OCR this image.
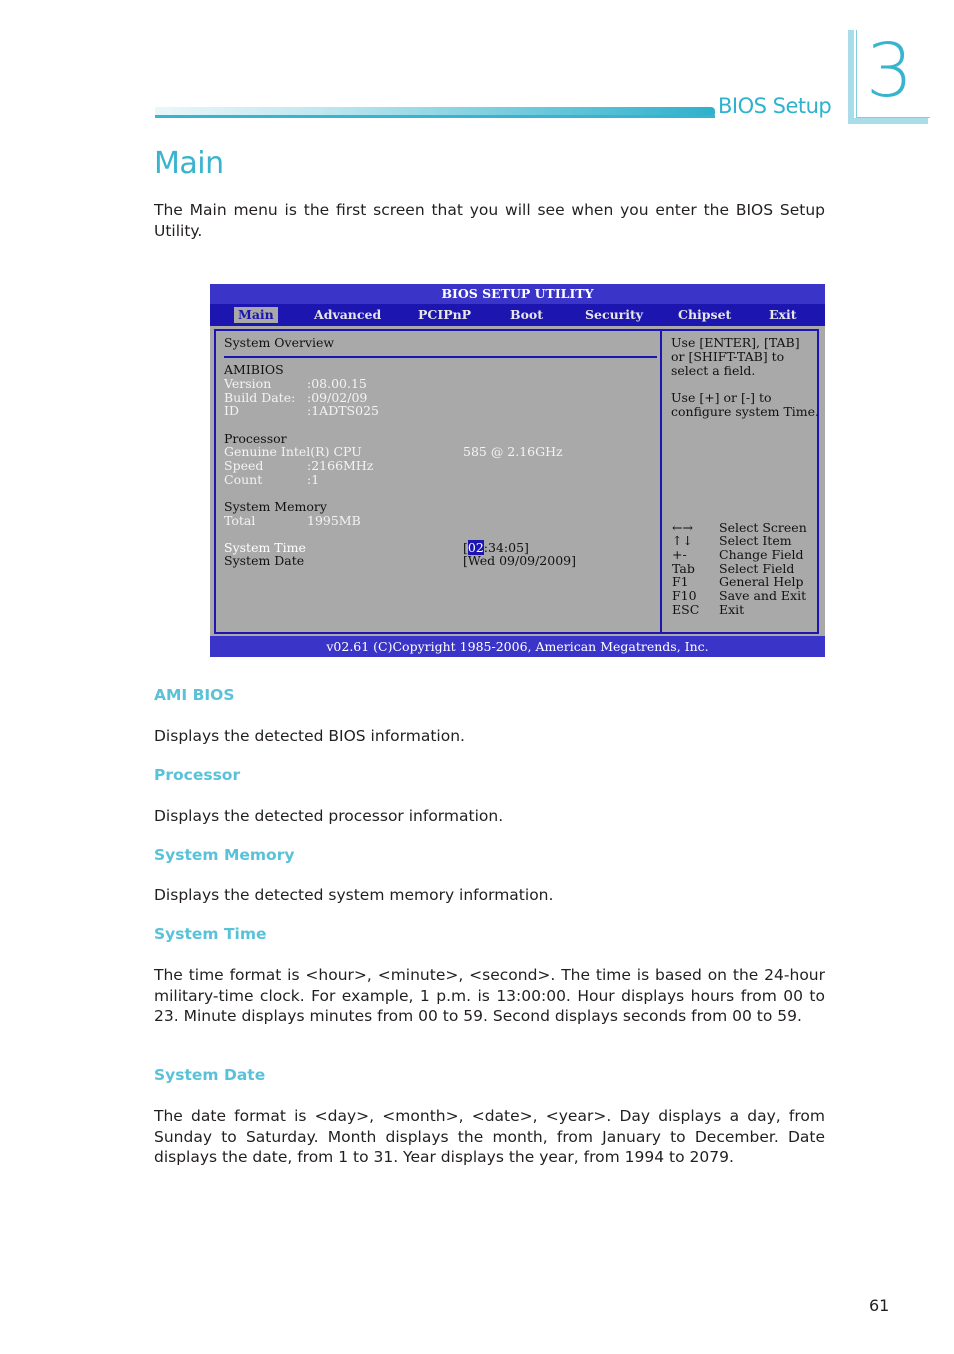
BIOS Setup 3
Main
The Main menu is the first screen that you will see when you enter the BIOS Setup Utility.
BIOS SETUP UTILITY
Main	Advanced	PCIPnP	Boot	Security	Chipset	Exit
System Overview
AMIBIOS
Version	:08.00.15
Build Date: :09/02/09
ID	:1ADTS025
Processor
Genuine Intel(R) CPU	585 @ 2.16GHz
Speed	:2166MHz
Count	:1
System Memory
Total	1995MB
System Time	[02:34:05]
System Date	[Wed 09/09/2009]
Use [ENTER], [TAB]
or [SHIFT-TAB] to
select a field.
Use [+] or [-] to
configure system Time.
←→ Select Screen
↑↓ Select Item
+-	Change Field
Tab Select Field
F1 General Help
F10 Save and Exit
ESC Exit
v02.61 (C)Copyright 1985-2006, American Megatrends, Inc.
AMI BIOS
Displays the detected BIOS information.
Processor
Displays the detected processor information.
System Memory
Displays the detected system memory information.
System Time
The time format is <hour>, <minute>, <second>. The time is based on the 24-hour military-time clock. For example, 1 p.m. is 13:00:00. Hour displays hours from 00 to 23. Minute displays minutes from 00 to 59. Second displays seconds from 00 to 59.
System Date
The date format is <day>, <month>, <date>, <year>. Day displays a day, from Sunday to Saturday. Month displays the month, from January to December. Date displays the date, from 1 to 31. Year displays the year, from 1994 to 2079.
61
